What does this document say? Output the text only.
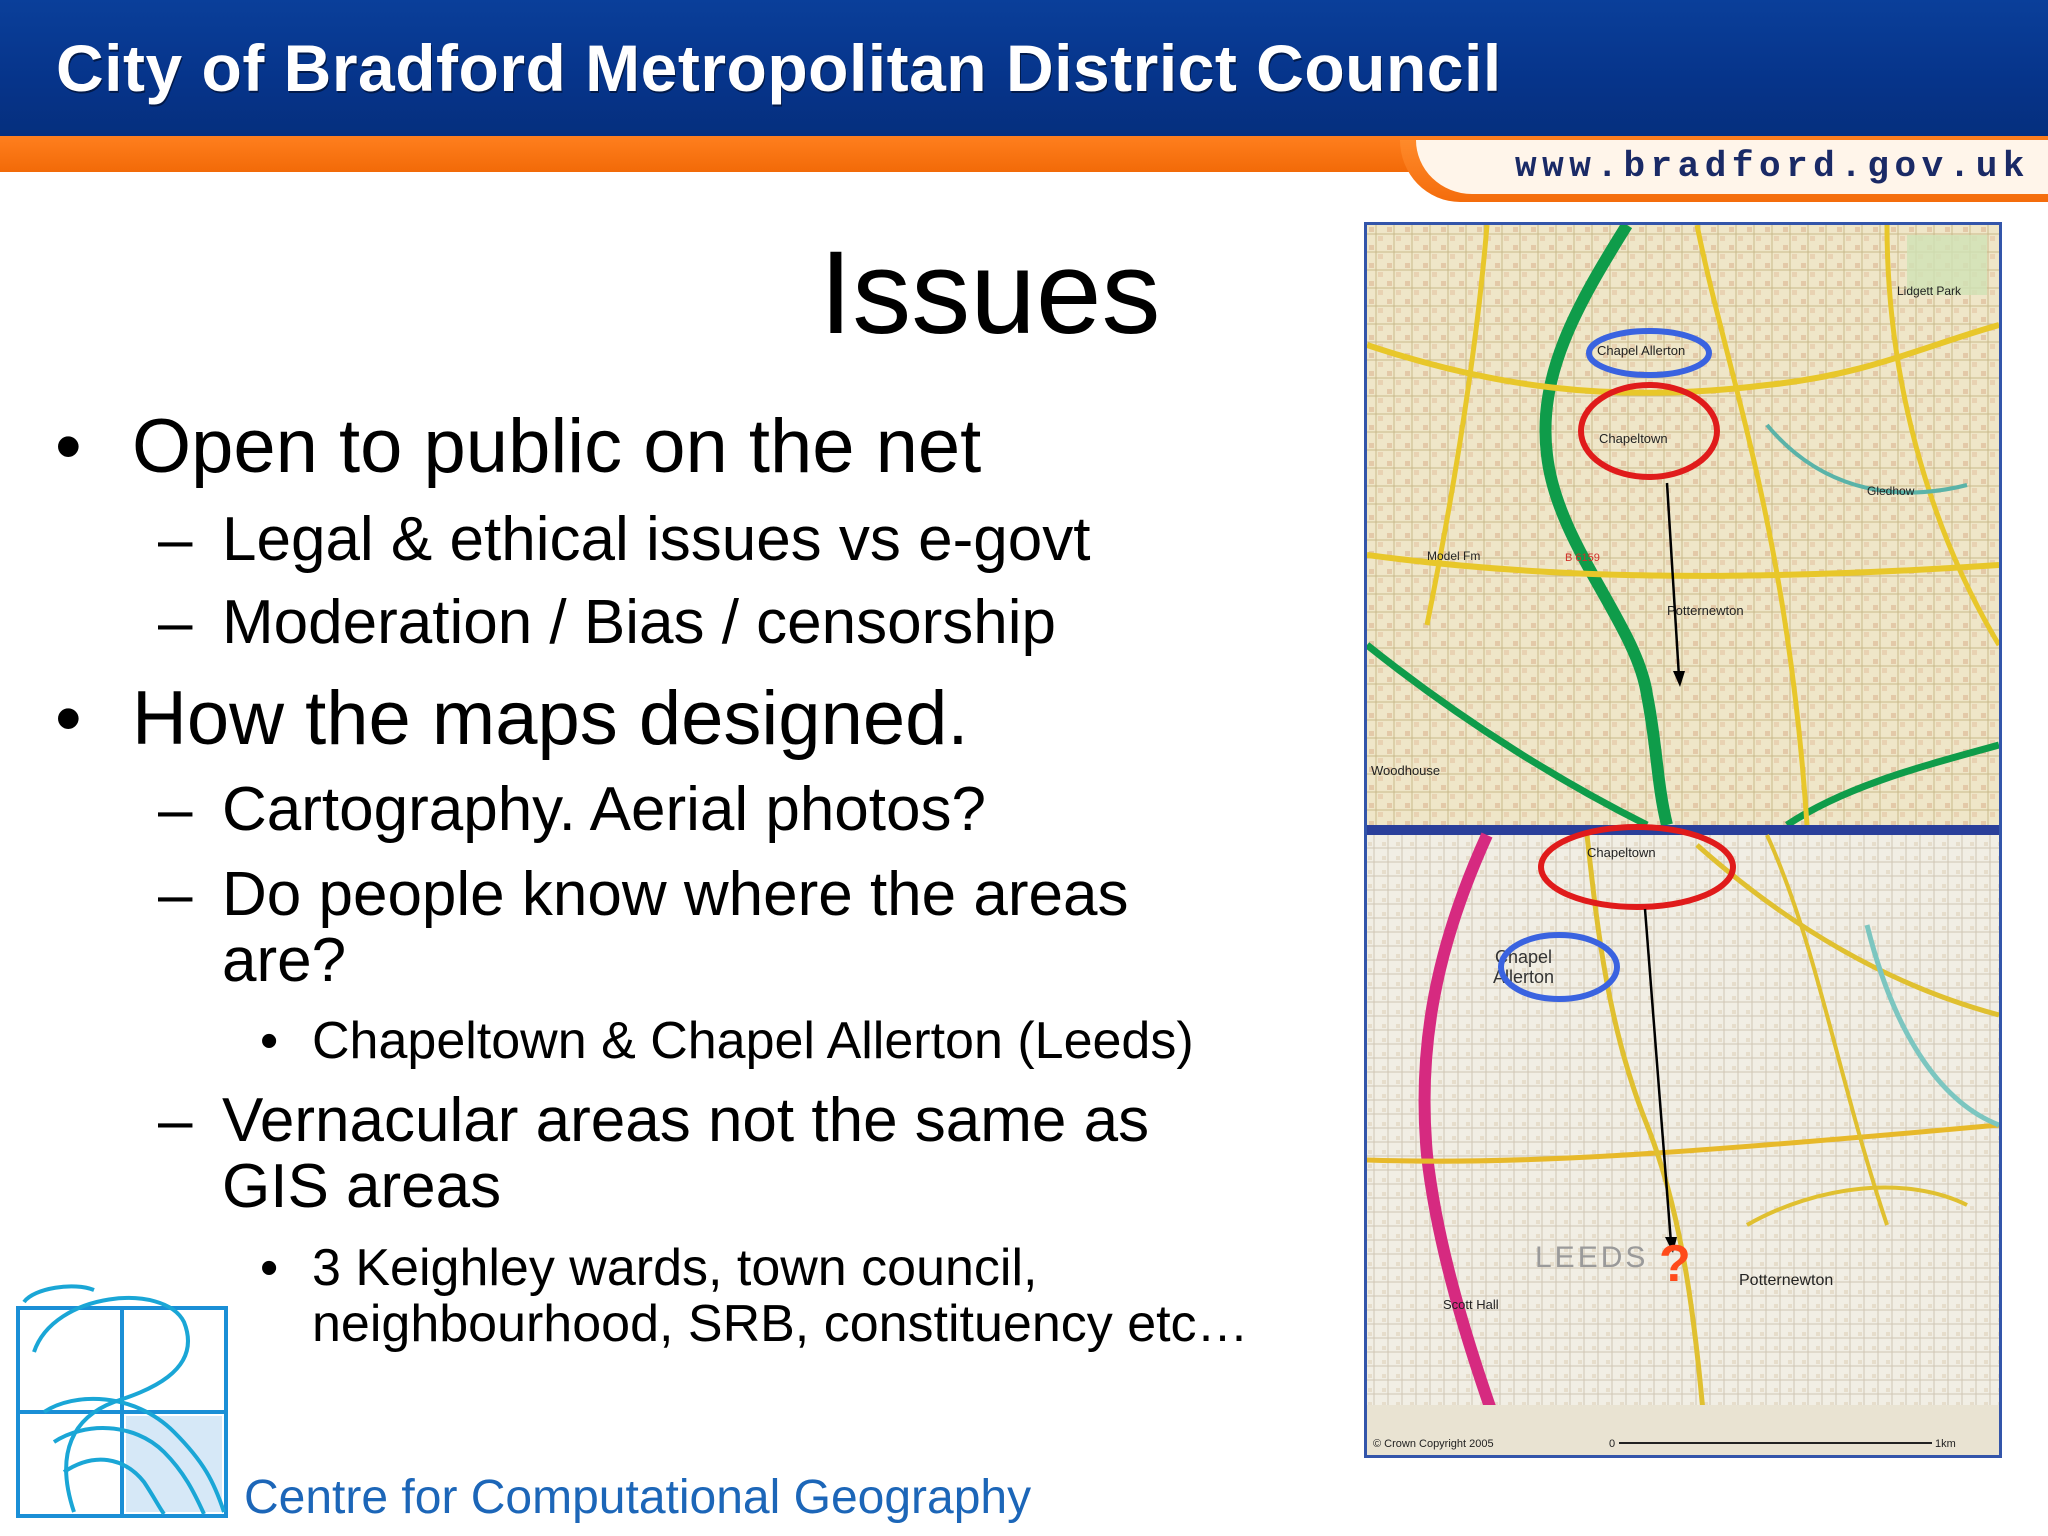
City of Bradford Metropolitan District Council
www.bradford.gov.uk
Issues
• Open to public on the net
– Legal & ethical issues vs e-govt
– Moderation / Bias / censorship
• How the maps designed.
– Cartography. Aerial photos?
– Do people know where the areas
are?
• Chapeltown & Chapel Allerton (Leeds)
– Vernacular areas not the same as
GIS areas
• 3 Keighley wards, town council,
neighbourhood, SRB, constituency etc…
Chapel Allerton
Chapeltown
Potternewton
Lidgett Park
Gledhow
Model Fm
Woodhouse
B 6159
Chapeltown
Chapel
Allerton
LEEDS
Potternewton
Scott Hall
© Crown Copyright 2005	0	1km
?
Centre for Computational Geography
